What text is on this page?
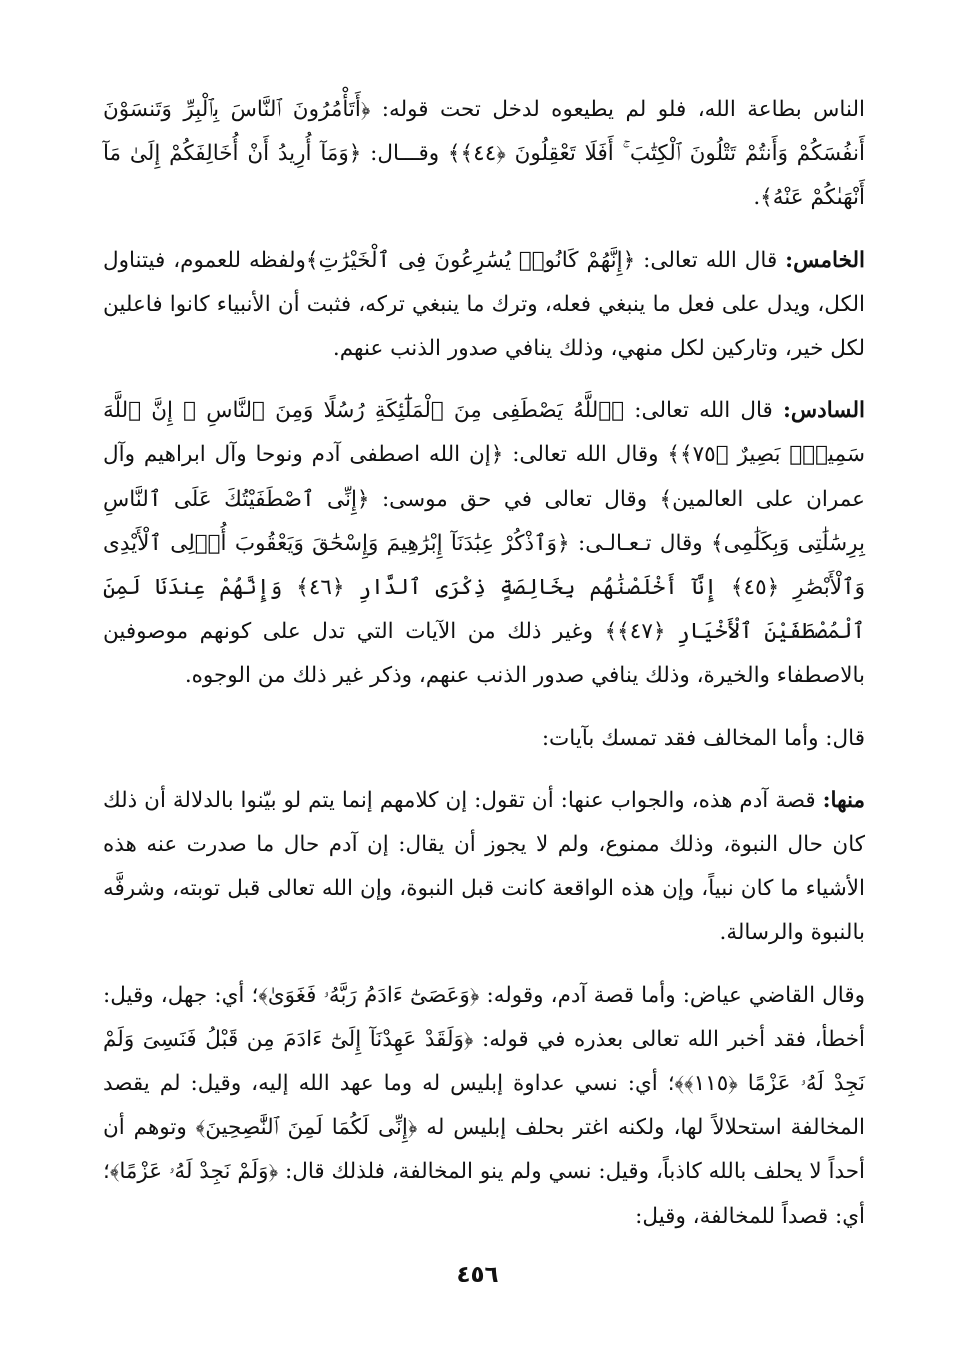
الناس بطاعة الله، فلو لم يطيعوه لدخل تحت قوله: ﴿أَتَأْمُرُونَ ٱلنَّاسَ بِٱلْبِرِّ وَتَنسَوْنَ أَنفُسَكُمْ وَأَنتُمْ تَتْلُونَ ٱلْكِتَٰبَ ۚ أَفَلَا تَعْقِلُونَ ﴿٤٤﴾﴾ وقـــال: ﴿وَمَآ أُرِيدُ أَنْ أُخَالِفَكُمْ إِلَىٰ مَآ أَنْهَىٰكُمْ عَنْهُ﴾.

الخامس: قال الله تعالى: ﴿إِنَّهُمْ كَانُوا۟ يُسَٰرِعُونَ فِى ٱلْخَيْرَٰتِ﴾ولفظه للعموم، فيتناول الكل، ويدل على فعل ما ينبغي فعله، وترك ما ينبغي تركه، فثبت أن الأنبياء كانوا فاعلين لكل خير، وتاركين لكل منهي، وذلك ينافي صدور الذنب عنهم.

السادس: قال الله تعالى: ﴿ٱللَّهُ يَصْطَفِى مِنَ ٱلْمَلَٰٓئِكَةِ رُسُلًا وَمِنَ ٱلنَّاسِ ۚ إِنَّ ٱللَّهَ سَمِيعٌۢ بَصِيرٌ ﴿٧٥﴾﴾ وقال الله تعالى: ﴿إن الله اصطفى آدم ونوحا وآل ابراهيم وآل عمران على العالمين﴾ وقال تعالى في حق موسى: ﴿إِنِّى ٱصْطَفَيْتُكَ عَلَى ٱلنَّاسِ بِرِسَٰلَٰتِى وَبِكَلَٰمِى﴾ وقال تـعـالـى: ﴿وَٱذْكُرْ عِبَٰدَنَآ إِبْرَٰهِيمَ وَإِسْحَٰقَ وَيَعْقُوبَ أُو۟لِى ٱلْأَيْدِى وَٱلْأَبْصَٰرِ ﴿٤٥﴾ إِنَّآ أَخْلَصْنَٰهُم بِخَالِصَةٍ ذِكْرَى ٱلدَّارِ ﴿٤٦﴾ وَإِنَّهُمْ عِندَنَا لَمِنَ ٱلْمُصْطَفَيْنَ ٱلْأَخْيَارِ ﴿٤٧﴾﴾ وغير ذلك من الآيات التي تدل على كونهم موصوفين بالاصطفاء والخيرة، وذلك ينافي صدور الذنب عنهم، وذكر غير ذلك من الوجوه.

قال: وأما المخالف فقد تمسك بآيات:

منها: قصة آدم هذه، والجواب عنها: أن تقول: إن كلامهم إنما يتم لو بيّنوا بالدلالة أن ذلك كان حال النبوة، وذلك ممنوع، ولم لا يجوز أن يقال: إن آدم حال ما صدرت عنه هذه الأشياء ما كان نبياً، وإن هذه الواقعة كانت قبل النبوة، وإن الله تعالى قبل توبته، وشرفَّه بالنبوة والرسالة.

وقال القاضي عياض: وأما قصة آدم، وقوله: ﴿وَعَصَىٰٓ ءَادَمُ رَبَّهُۥ فَغَوَىٰ﴾؛ أي: جهل، وقيل: أخطأ، فقد أخبر الله تعالى بعذره في قوله: ﴿وَلَقَدْ عَهِدْنَآ إِلَىٰٓ ءَادَمَ مِن قَبْلُ فَنَسِىَ وَلَمْ نَجِدْ لَهُۥ عَزْمًا ﴿١١٥﴾﴾؛ أي: نسي عداوة إبليس له وما عهد الله إليه، وقيل: لم يقصد المخالفة استحلالاً لها، ولكنه اغتر بحلف إبليس له ﴿إِنِّى لَكُمَا لَمِنَ ٱلنَّٰصِحِينَ﴾ وتوهم أن أحداً لا يحلف بالله كاذباً، وقيل: نسي ولم ينو المخالفة، فلذلك قال: ﴿وَلَمْ نَجِدْ لَهُۥ عَزْمًا﴾؛ أي: قصداً للمخالفة، وقيل:

٤٥٦
